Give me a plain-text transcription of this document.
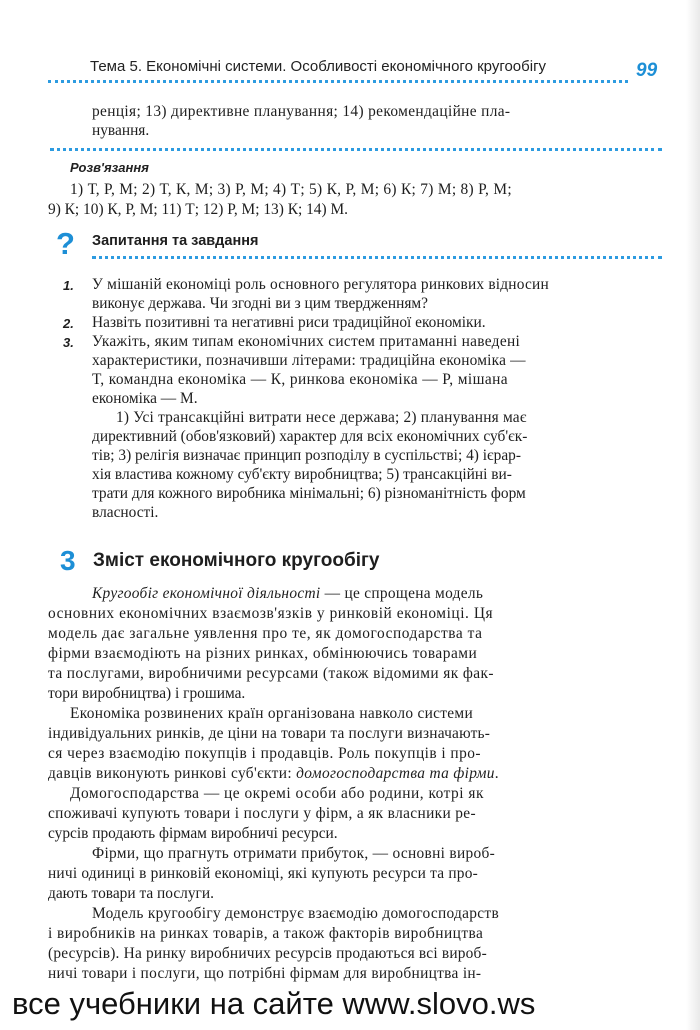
Тема 5. Економічні системи. Особливості економічного кругообігу	99
ренція; 13) директивне планування; 14) рекомендаційне пла-
нування.
Розв'язання
1) Т, Р, М; 2) Т, К, М; 3) Р, М; 4) Т; 5) К, Р, М; 6) К; 7) М; 8) Р, М;
9) К; 10) К, Р, М; 11) Т; 12) Р, М; 13) К; 14) М.
? Запитання та завдання
1. У мішаній економіці роль основного регулятора ринкових відносин
виконує держава. Чи згодні ви з цим твердженням?
2. Назвіть позитивні та негативні риси традиційної економіки.
3. Укажіть, яким типам економічних систем притаманні наведені
характеристики, позначивши літерами: традиційна економіка —
Т, командна економіка — К, ринкова економіка — Р, мішана
економіка — М.
1) Усі трансакційні витрати несе держава; 2) планування має
директивний (обов'язковий) характер для всіх економічних суб'єк-
тів; 3) релігія визначає принцип розподілу в суспільстві; 4) ієрар-
хія властива кожному суб'єкту виробництва; 5) трансакційні ви-
трати для кожного виробника мінімальні; 6) різноманітність форм
власності.
3 Зміст економічного кругообігу
Кругообіг економічної діяльності — це спрощена модель
основних економічних взаємозв'язків у ринковій економіці. Ця
модель дає загальне уявлення про те, як домогосподарства та
фірми взаємодіють на різних ринках, обмінюючись товарами
та послугами, виробничими ресурсами (також відомими як фак-
тори виробництва) і грошима.
Економіка розвинених країн організована навколо системи
індивідуальних ринків, де ціни на товари та послуги визначають-
ся через взаємодію покупців і продавців. Роль покупців і про-
давців виконують ринкові суб'єкти: домогосподарства та фірми.
Домогосподарства — це окремі особи або родини, котрі як
споживачі купують товари і послуги у фірм, а як власники ре-
сурсів продають фірмам виробничі ресурси.
Фірми, що прагнуть отримати прибуток, — основні вироб-
ничі одиниці в ринковій економіці, які купують ресурси та про-
дають товари та послуги.
Модель кругообігу демонструє взаємодію домогосподарств
і виробників на ринках товарів, а також факторів виробництва
(ресурсів). На ринку виробничих ресурсів продаються всі вироб-
ничі товари і послуги, що потрібні фірмам для виробництва ін-
все учебники на сайте www.slovo.ws
